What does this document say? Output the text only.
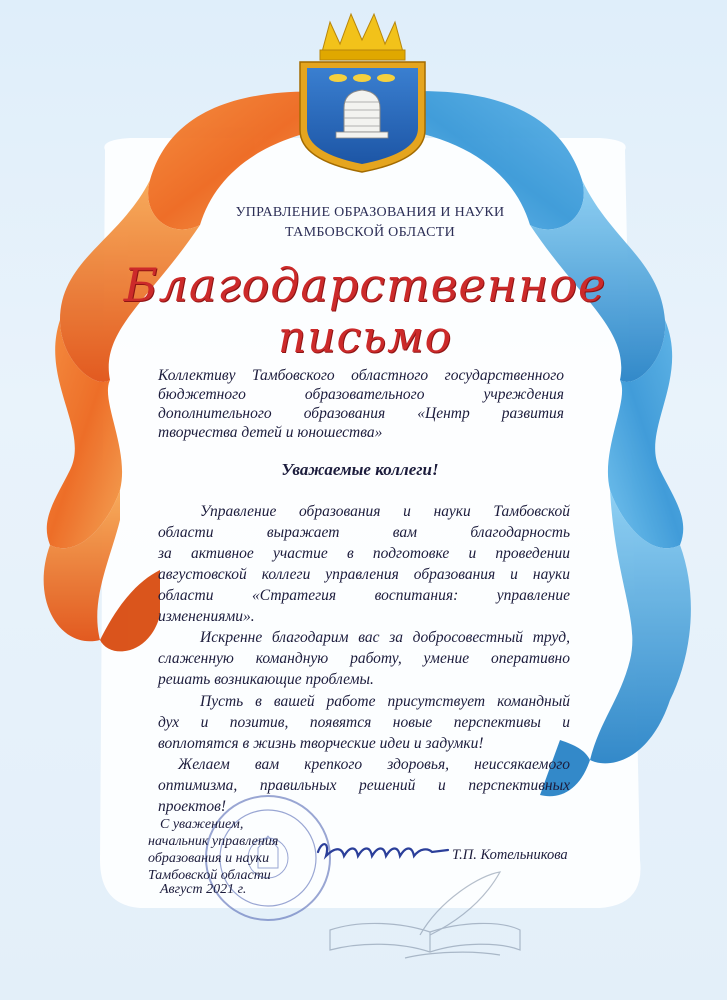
УПРАВЛЕНИЕ ОБРАЗОВАНИЯ И НАУКИ
ТАМБОВСКОЙ ОБЛАСТИ
Благодарственное
письмо
Коллективу Тамбовского областного государственного
бюджетного образовательного учреждения
дополнительного образования «Центр развития
творчества детей и юношества»
Уважаемые коллеги!
Управление образования и науки Тамбовской
области выражает вам благодарность
за активное участие в подготовке и проведении
августовской коллеги управления образования и науки
области «Стратегия воспитания: управление
изменениями».
Искренне благодарим вас за добросовестный труд,
слаженную командную работу, умение оперативно
решать возникающие проблемы.
Пусть в вашей работе присутствует командный
дух и позитив, появятся новые перспективы и
воплотятся в жизнь творческие идеи и задумки!
Желаем вам крепкого здоровья, неиссякаемого
оптимизма, правильных решений и перспективных
проектов!
С уважением,
начальник управления
образования и науки
Тамбовской области
Т.П. Котельникова
Август 2021 г.
